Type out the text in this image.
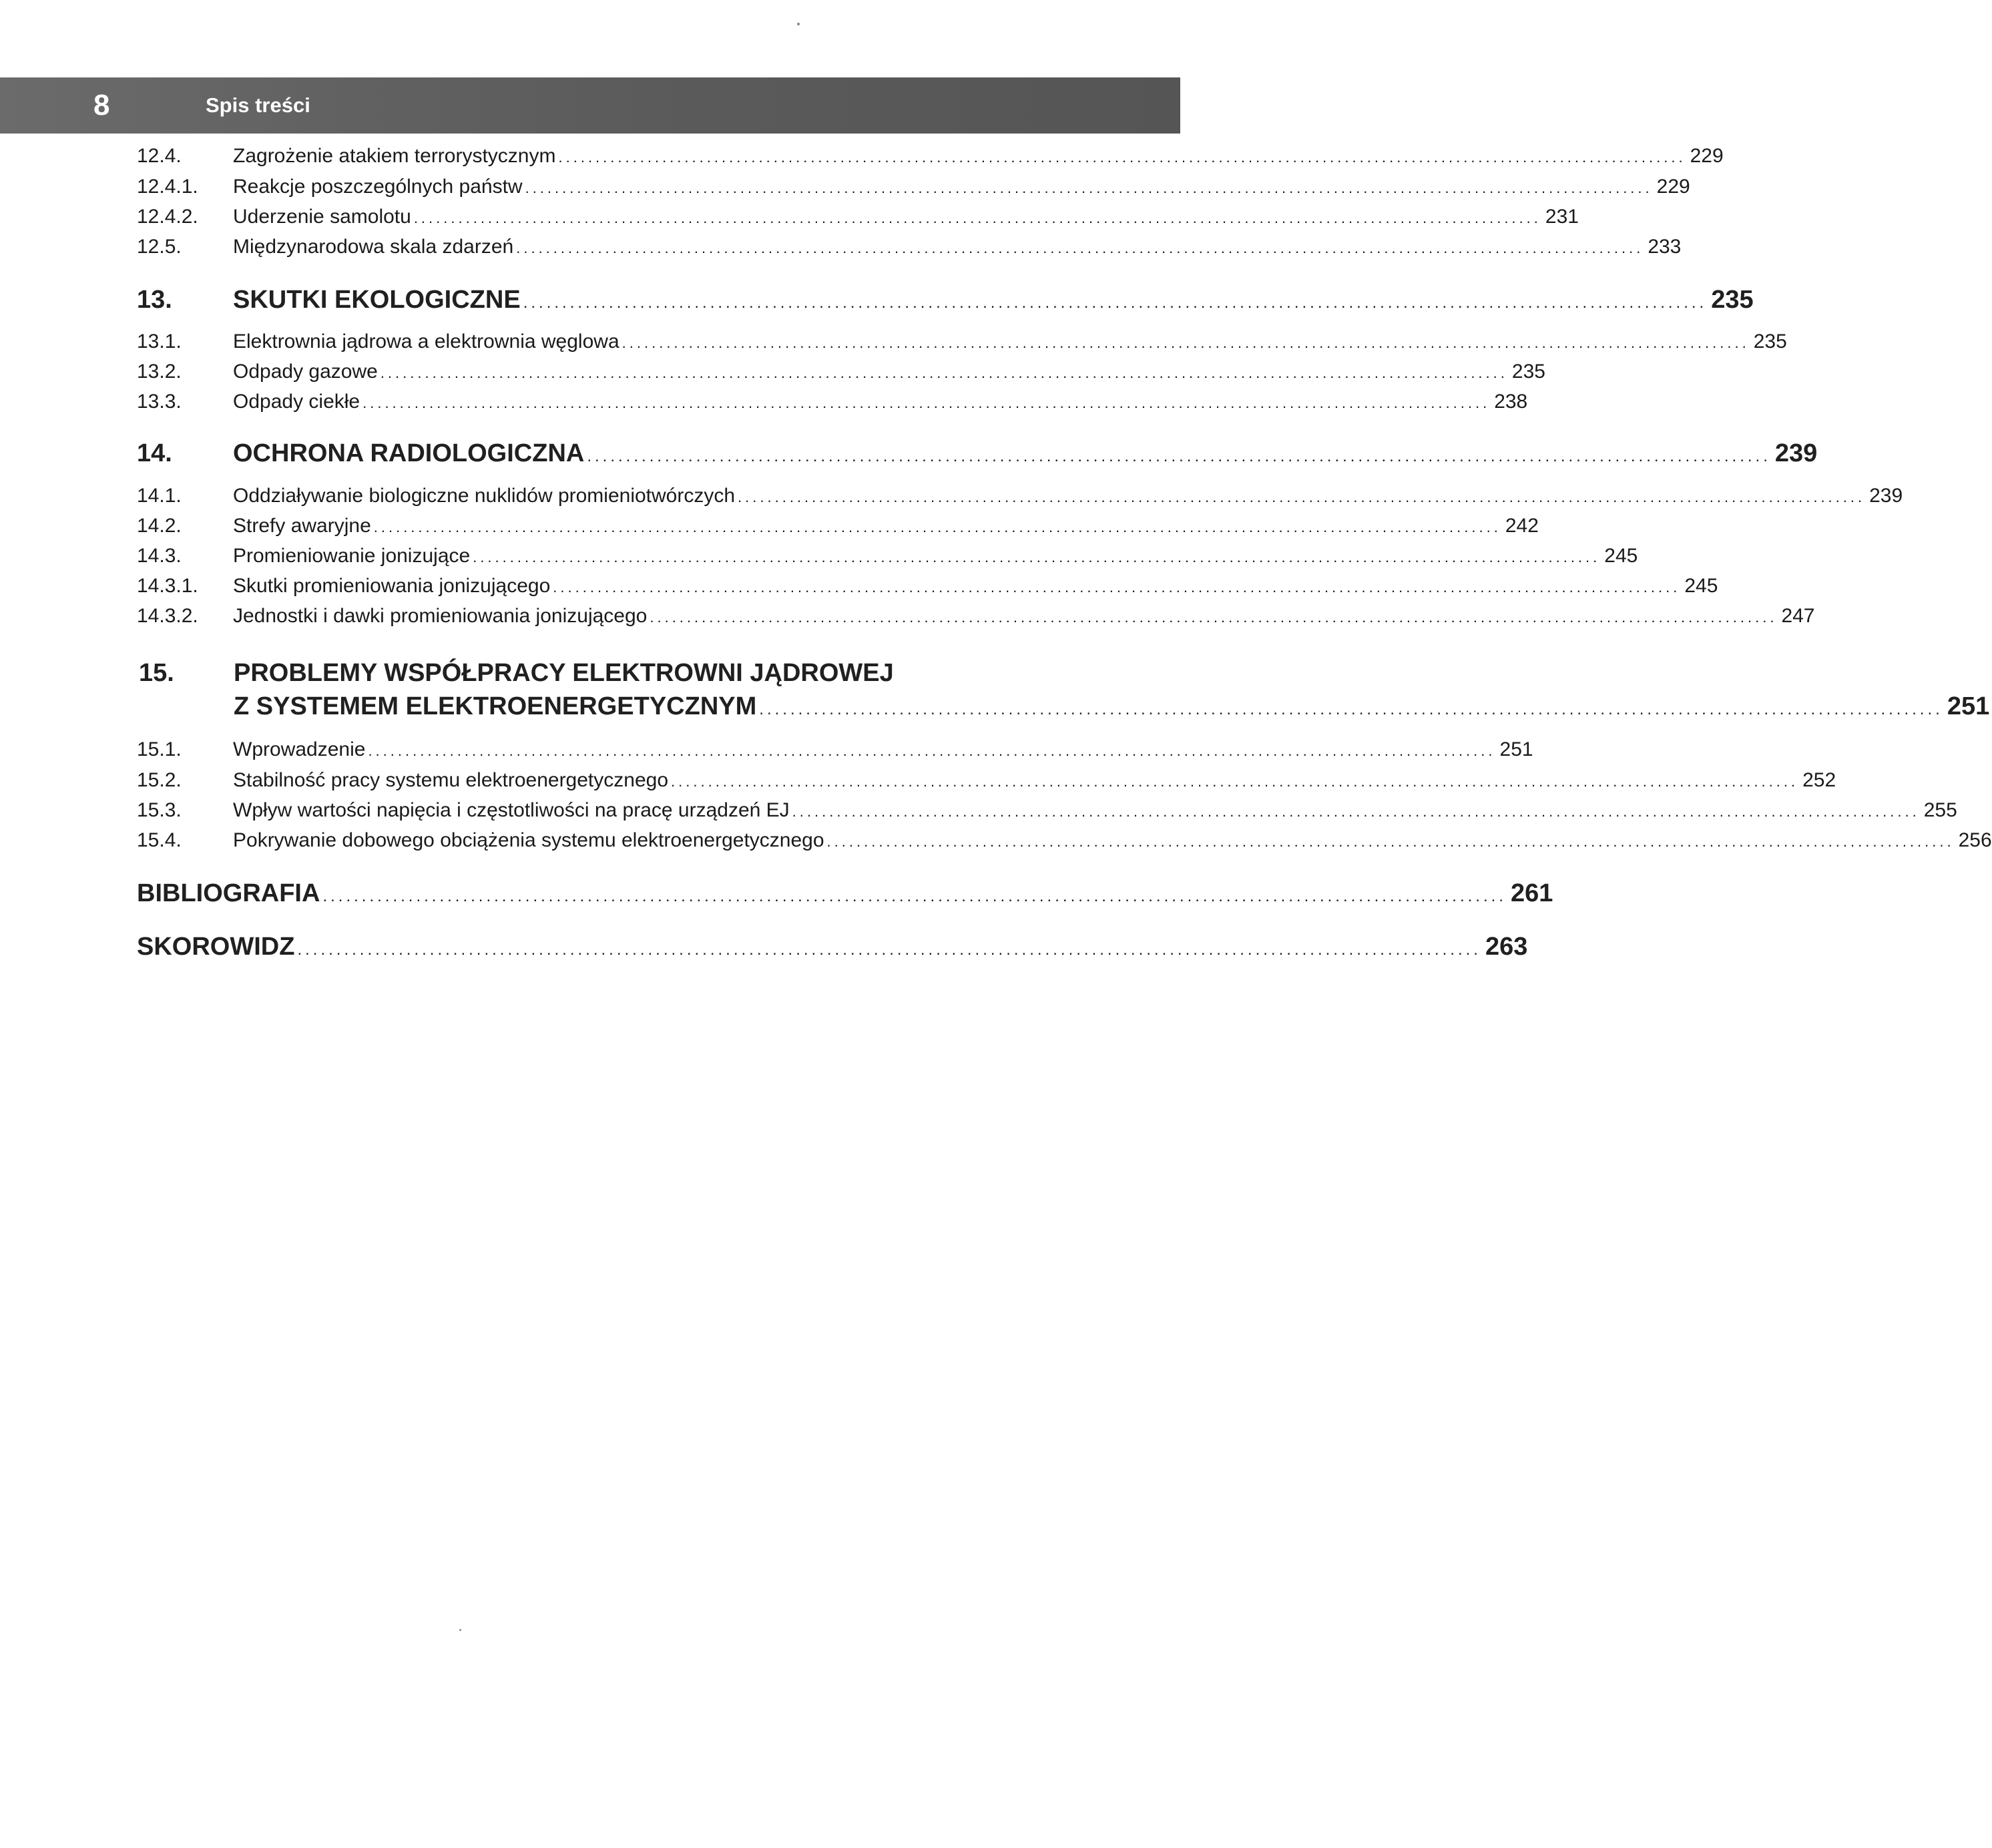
8	Spis treści
12.4.	Zagrożenie atakiem terrorystycznym ........................................................................................................................................................ 229
12.4.1.	Reakcje poszczególnych państw ........................................................................................................................................................ 229
12.4.2.	Uderzenie samolotu ........................................................................................................................................................ 231
12.5.	Międzynarodowa skala zdarzeń ........................................................................................................................................................ 233
13.	SKUTKI EKOLOGICZNE ........................................................................................................................................................ 235
13.1.	Elektrownia jądrowa a elektrownia węglowa ........................................................................................................................................................ 235
13.2.	Odpady gazowe ........................................................................................................................................................ 235
13.3.	Odpady ciekłe ........................................................................................................................................................ 238
14.	OCHRONA RADIOLOGICZNA ........................................................................................................................................................ 239
14.1.	Oddziaływanie biologiczne nuklidów promieniotwórczych ........................................................................................................................................................ 239
14.2.	Strefy awaryjne ........................................................................................................................................................ 242
14.3.	Promieniowanie jonizujące ........................................................................................................................................................ 245
14.3.1.	Skutki promieniowania jonizującego ........................................................................................................................................................ 245
14.3.2.	Jednostki i dawki promieniowania jonizującego ........................................................................................................................................................ 247
15. PROBLEMY WSPÓŁPRACY ELEKTROWNI JĄDROWEJ
Z SYSTEMEM ELEKTROENERGETYCZNYM ........................................................................................................................................................ 251
15.1.	Wprowadzenie ........................................................................................................................................................ 251
15.2.	Stabilność pracy systemu elektroenergetycznego ........................................................................................................................................................ 252
15.3.	Wpływ wartości napięcia i częstotliwości na pracę urządzeń EJ ........................................................................................................................................................ 255
15.4.	Pokrywanie dobowego obciążenia systemu elektroenergetycznego ........................................................................................................................................................ 256
BIBLIOGRAFIA ........................................................................................................................................................ 261
SKOROWIDZ ........................................................................................................................................................ 263
